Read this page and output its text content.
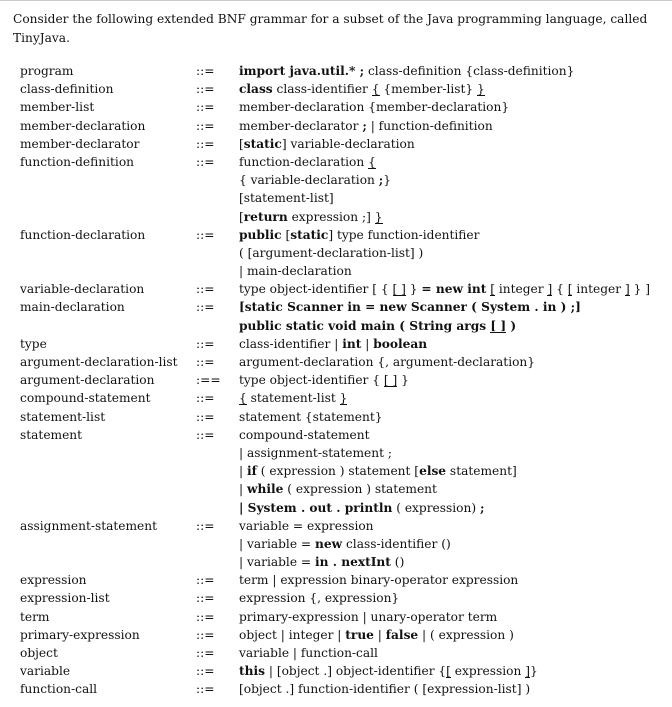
Consider the following extended BNF grammar for a subset of the Java programming language, called TinyJava.
program	::= import java.util.* ; class-definition {class-definition}
class-definition	::= class class-identifier { {member-list} }
member-list	::= member-declaration {member-declaration}
member-declaration	::= member-declarator ; | function-definition
member-declarator	::= [static] variable-declaration
function-definition	::= function-declaration {
{ variable-declaration ;}
[statement-list]
[return expression ;] }
function-declaration	::= public [static] type function-identifier
( [argument-declaration-list] )
| main-declaration
variable-declaration	::= type object-identifier [ { [ ] } = new int [ integer ] { [ integer ] } ]
main-declaration	::= [static Scanner in = new Scanner ( System . in ) ;]
public static void main ( String args [ ] )
type	::= class-identifier | int | boolean
argument-declaration-list ::= argument-declaration {, argument-declaration}
argument-declaration	:== type object-identifier { [ ] }
compound-statement	::= { statement-list }
statement-list	::= statement {statement}
statement	::= compound-statement
| assignment-statement ;
| if ( expression ) statement [else statement]
| while ( expression ) statement
| System . out . println ( expression) ;
assignment-statement	::= variable = expression
| variable = new class-identifier ()
| variable = in . nextInt ()
expression	::= term | expression binary-operator expression
expression-list	::= expression {, expression}
term	::= primary-expression | unary-operator term
primary-expression	::= object | integer | true | false | ( expression )
object	::= variable | function-call
variable	::= this | [object .] object-identifier {[ expression ]}
function-call	::= [object .] function-identifier ( [expression-list] )
